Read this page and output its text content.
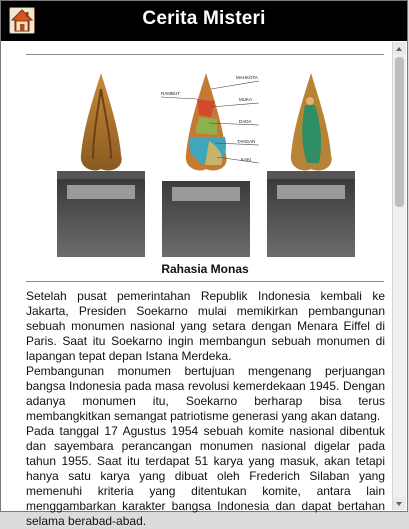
Cerita Misteri
RAMBUT
MAHKOTA
MUKA
DADA
TANGAN
KAKI
IndoCropCircles.wordpress.com
Rahasia Monas

Setelah pusat pemerintahan Republik Indonesia kembali ke Jakarta, Presiden Soekarno mulai memikirkan pembangunan sebuah monumen nasional yang setara dengan Menara Eiffel di Paris. Saat itu Soekarno ingin membangun sebuah monumen di lapangan tepat depan Istana Merdeka.

Pembangunan monumen bertujuan mengenang perjuangan bangsa Indonesia pada masa revolusi kemerdekaan 1945. Dengan adanya monumen itu, Soekarno berharap bisa terus membangkitkan semangat patriotisme generasi yang akan datang.

Pada tanggal 17 Agustus 1954 sebuah komite nasional dibentuk dan sayembara perancangan monumen nasional digelar pada tahun 1955. Saat itu terdapat 51 karya yang masuk, akan tetapi hanya satu karya yang dibuat oleh Frederich Silaban yang memenuhi kriteria yang ditentukan komite, antara lain menggambarkan karakter bangsa Indonesia dan dapat bertahan selama berabad-abad.
